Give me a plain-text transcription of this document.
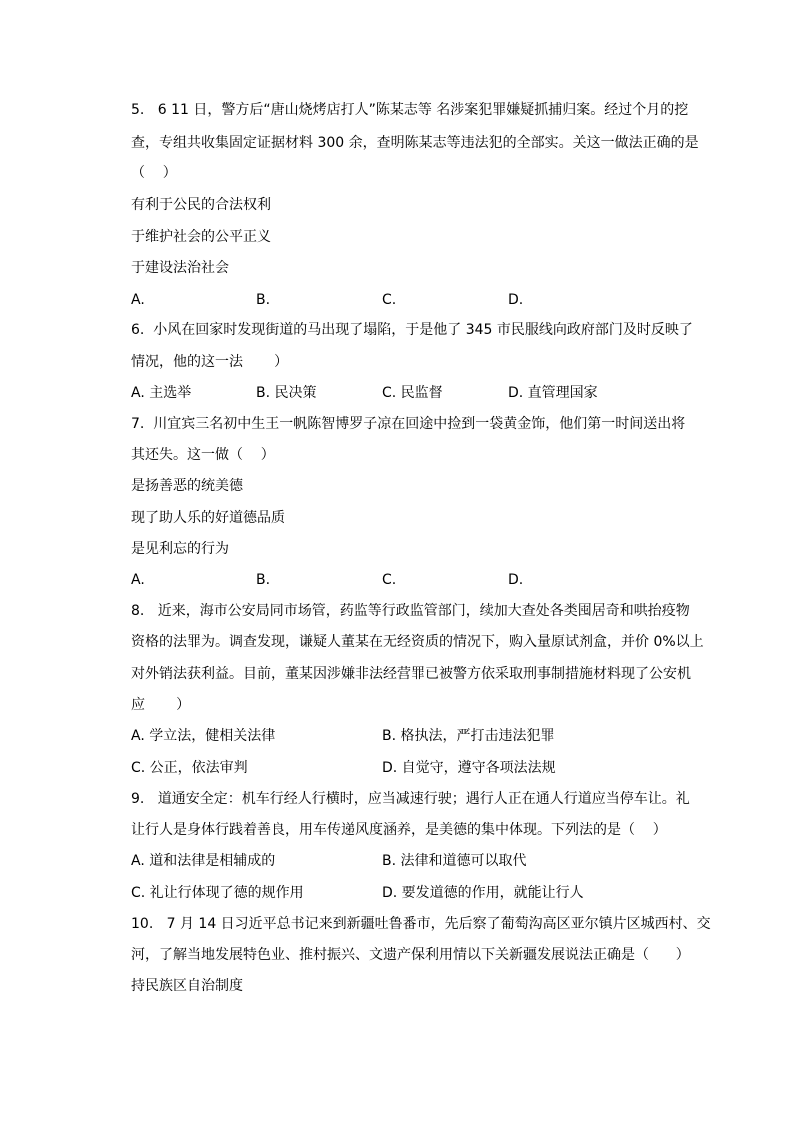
5.   6 11 日，警方后“唐山烧烤店打人”陈某志等 名涉案犯罪嫌疑抓捕归案。经过个月的挖
查，专组共收集固定证据材料 300 余，查明陈某志等违法犯的全部实。关这一做法正确的是
（    ）
有利于公民的合法权利
于维护社会的公平正义
于建设法治社会
A.	B.	C.	D.
6.  小风在回家时发现街道的马出现了塌陷，于是他了 345 市民服线向政府部门及时反映了
情况，他的这一法       ）
A. 主选举	B. 民决策	C. 民监督	D. 直管理国家
7.  川宜宾三名初中生王一帆陈智博罗子凉在回途中捡到一袋黄金饰，他们第一时间送出将
其还失。这一做（    ）
是扬善恶的统美德
现了助人乐的好道德品质
是见利忘的行为
A.	B.	C.	D.
8.   近来，海市公安局同市场管，药监等行政监管部门，续加大查处各类囤居奇和哄抬疫物
资格的法罪为。调查发现，谦疑人董某在无经资质的情况下，购入量原试剂盒，并价 0%以上
对外销法获利益。目前，董某因涉嫌非法经营罪已被警方依采取刑事制措施材料现了公安机
应       ）
A. 学立法，健相关法律	B. 格执法，严打击违法犯罪
C. 公正，依法审判	D. 自觉守，遵守各项法法规
9.   道通安全定：机车行经人行横时，应当减速行驶；遇行人正在通人行道应当停车让。礼
让行人是身体行践着善良，用车传递风度涵养，是美德的集中体现。下列法的是（    ）
A. 道和法律是相辅成的	B. 法律和道德可以取代
C. 礼让行体现了德的规作用	D. 要发道德的作用，就能让行人
10.   7 月 14 日习近平总书记来到新疆吐鲁番市，先后察了葡萄沟高区亚尔镇片区城西村、交
河，了解当地发展特色业、推村振兴、文遗产保利用情以下关新疆发展说法正确是（      ）
持民族区自治制度
